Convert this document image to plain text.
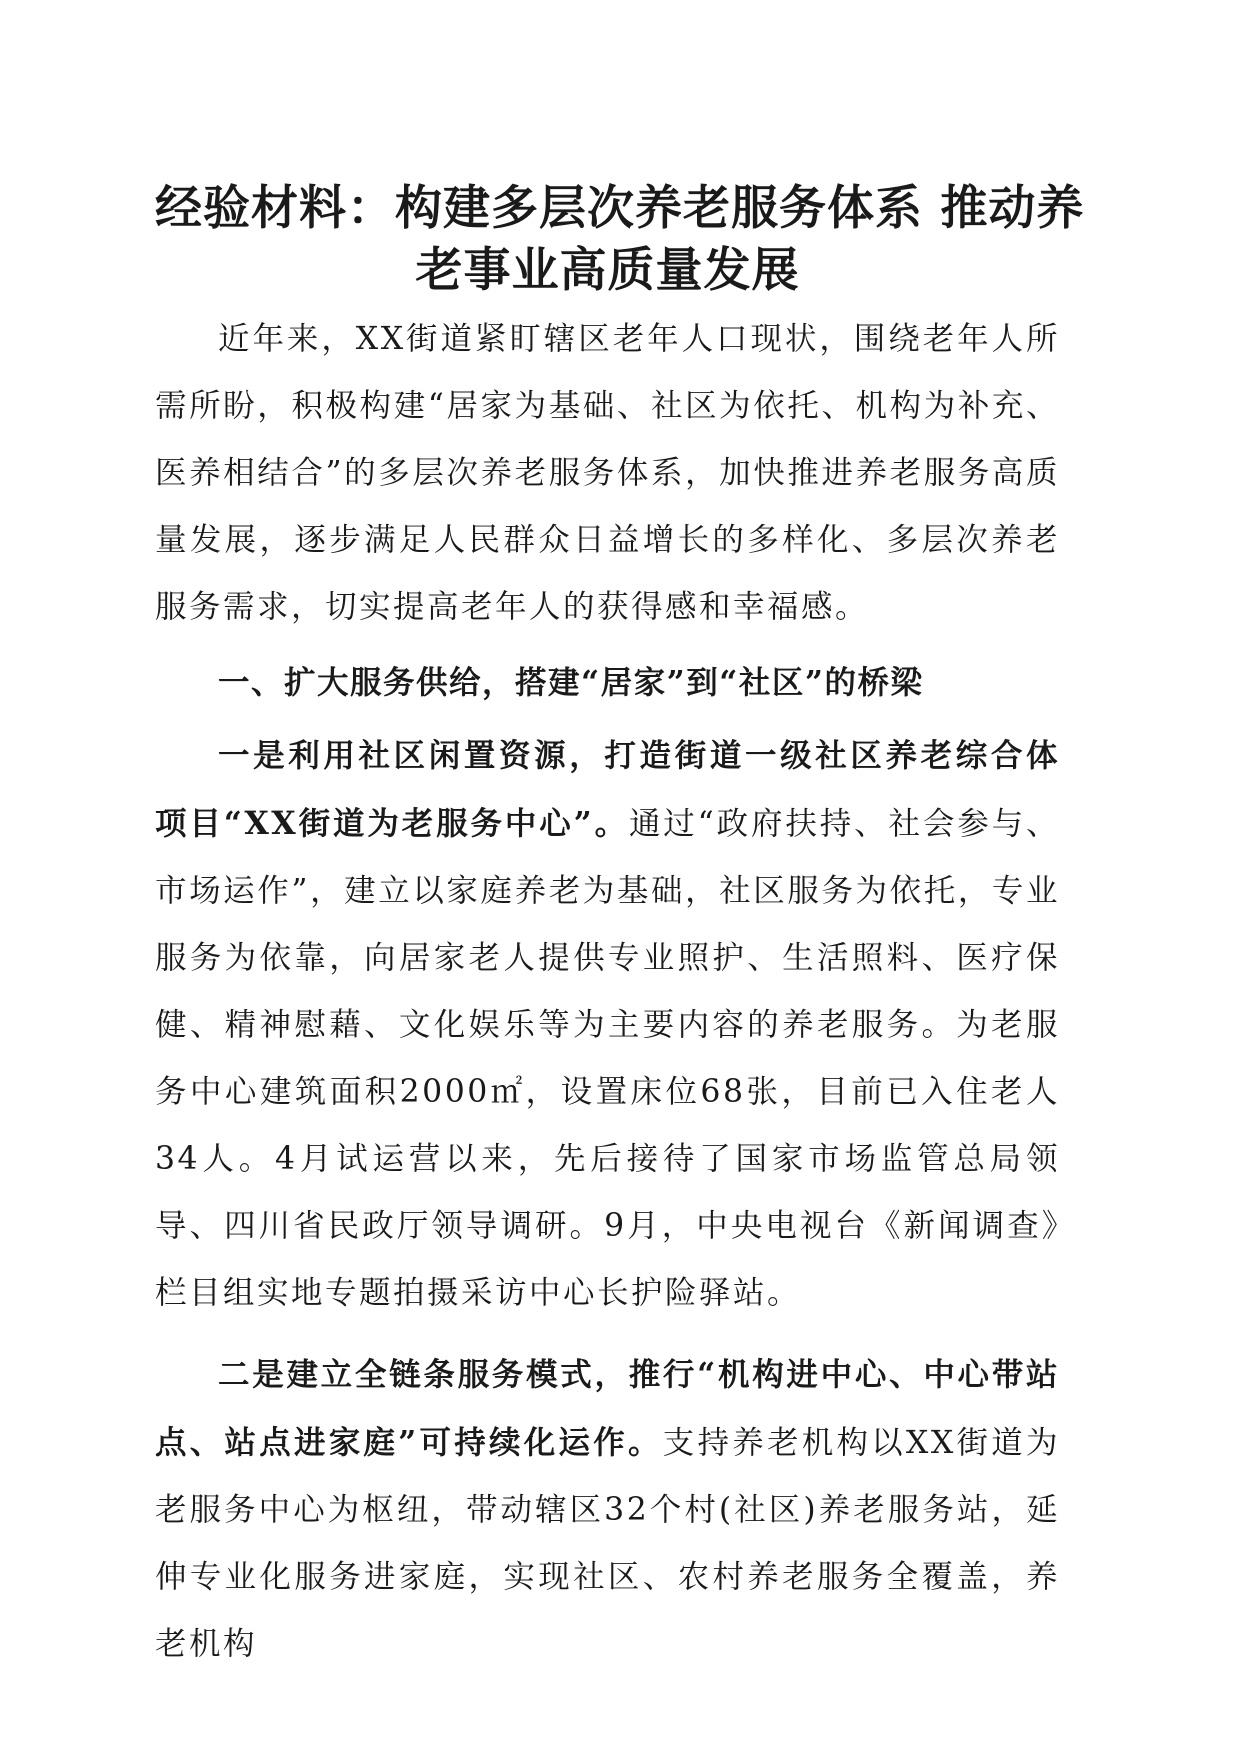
经验材料：构建多层次养老服务体系 推动养
老事业高质量发展

近年来，XX街道紧盯辖区老年人口现状，围绕老年人所需所盼，积极构建“居家为基础、社区为依托、机构为补充、医养相结合”的多层次养老服务体系，加快推进养老服务高质量发展，逐步满足人民群众日益增长的多样化、多层次养老服务需求，切实提高老年人的获得感和幸福感。

一、扩大服务供给，搭建“居家”到“社区”的桥梁

一是利用社区闲置资源，打造街道一级社区养老综合体项目“XX街道为老服务中心”。通过“政府扶持、社会参与、市场运作”，建立以家庭养老为基础，社区服务为依托，专业服务为依靠，向居家老人提供专业照护、生活照料、医疗保健、精神慰藉、文化娱乐等为主要内容的养老服务。为老服务中心建筑面积2000㎡，设置床位68张，目前已入住老人34人。4月试运营以来，先后接待了国家市场监管总局领导、四川省民政厅领导调研。9月，中央电视台《新闻调查》栏目组实地专题拍摄采访中心长护险驿站。

二是建立全链条服务模式，推行“机构进中心、中心带站点、站点进家庭”可持续化运作。支持养老机构以XX街道为老服务中心为枢纽，带动辖区32个村(社区)养老服务站，延伸专业化服务进家庭，实现社区、农村养老服务全覆盖，养老机构
